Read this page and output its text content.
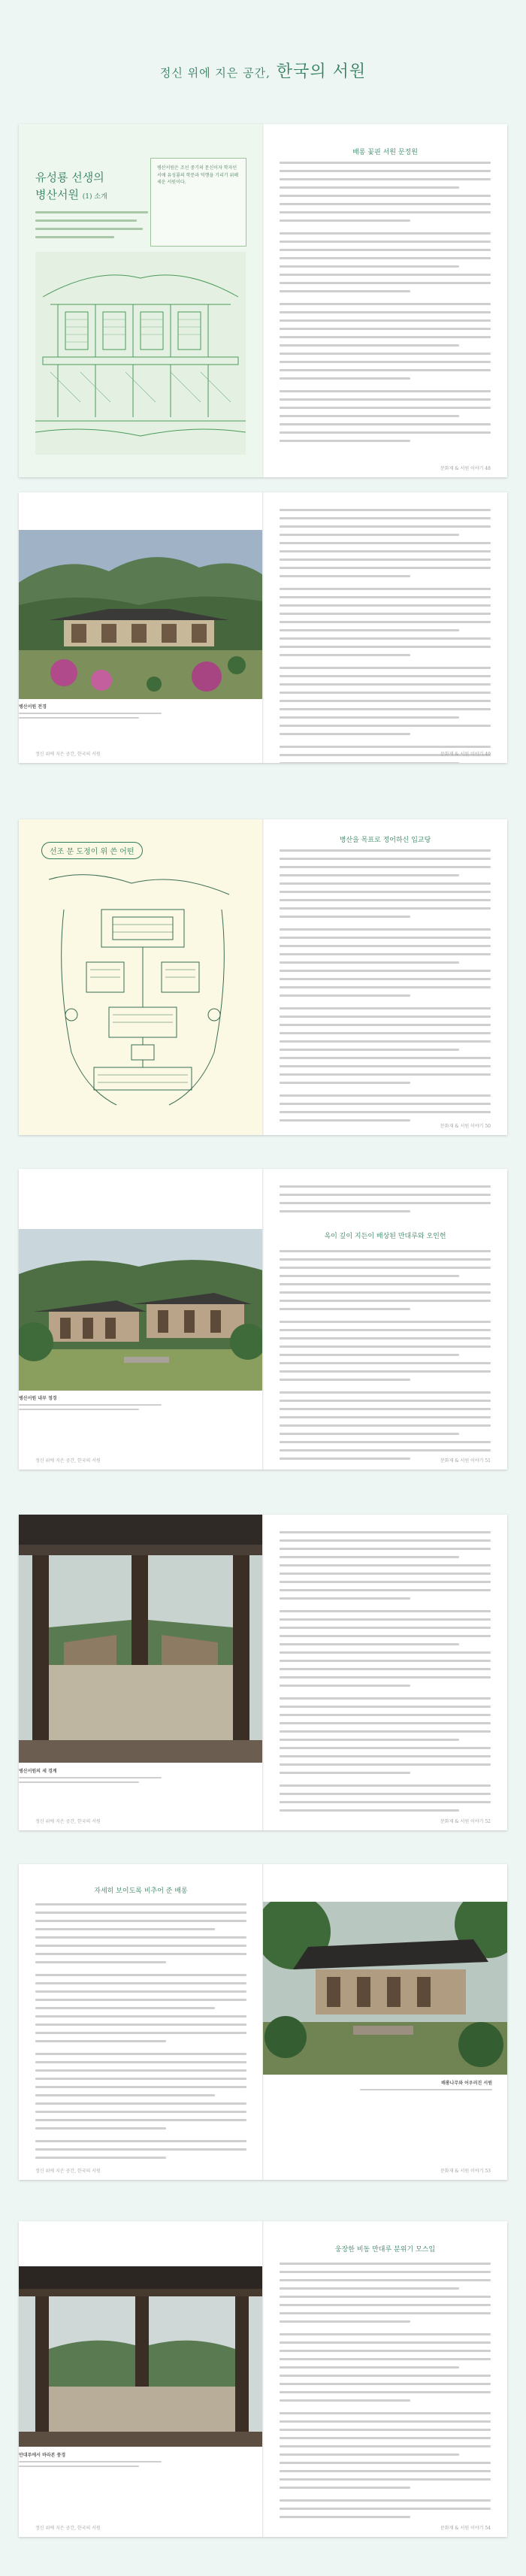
정신 위에 지은 공간, 한국의 서원
유성룡 선생의
병산서원 (1) 소개
병산서원은 조선 중기의 문신이자 학자인 서애 유성룡의 학문과 덕행을 기리기 위해 세운 서원이다.
배롱 꽃핀 서원 문정원
문화재 & 서원 이야기 48
병산서원 전경
정신 위에 지은 공간, 한국의 서원	문화재 & 서원 이야기 49
선조 문 도정이 위 쓴 어떤
병산을 목표로 정어하신 입교당
문화재 & 서원 이야기 50
병산서원 내부 정경
정신 위에 지은 공간, 한국의 서원
옥이 깊이 지든이 배상된 만대루와 오인헌
문화재 & 서원 이야기 51
병산서원의 세 경계
정신 위에 지은 공간, 한국의 서원	문화재 & 서원 이야기 52
자세히 보이도록 비추어 준 배롱
정신 위에 지은 공간, 한국의 서원
배롱나무와 어우러진 서원
문화재 & 서원 이야기 53
만대루에서 바라본 풍경
정신 위에 지은 공간, 한국의 서원
웅장한 비동 만대루 분위기 모스입
문화재 & 서원 이야기 54
